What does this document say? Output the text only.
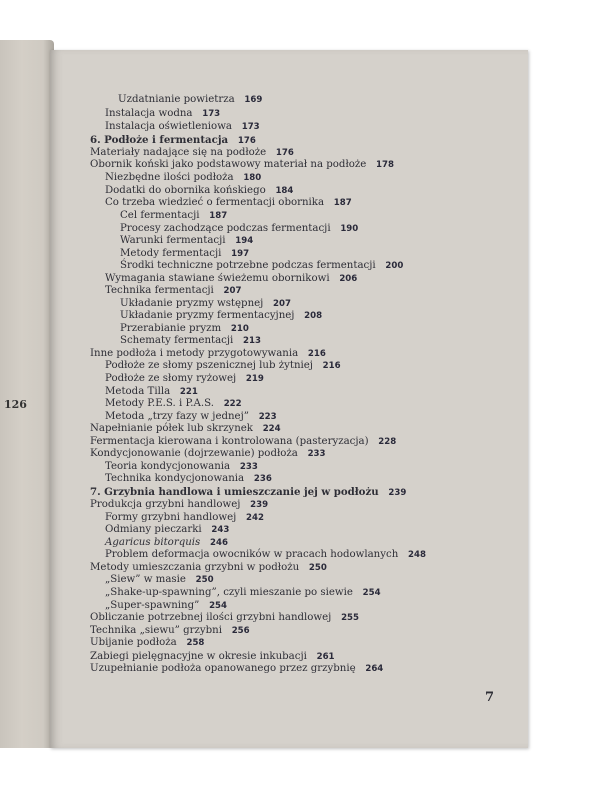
126
Uzdatnianie powietrza 169
Instalacja wodna 173
Instalacja oświetleniowa 173
6. Podłoże i fermentacja 176
Materiały nadające się na podłoże 176
Obornik koński jako podstawowy materiał na podłoże 178
Niezbędne ilości podłoża 180
Dodatki do obornika końskiego 184
Co trzeba wiedzieć o fermentacji obornika 187
Cel fermentacji 187
Procesy zachodzące podczas fermentacji 190
Warunki fermentacji 194
Metody fermentacji 197
Środki techniczne potrzebne podczas fermentacji 200
Wymagania stawiane świeżemu obornikowi 206
Technika fermentacji 207
Układanie pryzmy wstępnej 207
Układanie pryzmy fermentacyjnej 208
Przerabianie pryzm 210
Schematy fermentacji 213
Inne podłoża i metody przygotowywania 216
Podłoże ze słomy pszenicznej lub żytniej 216
Podłoże ze słomy ryżowej 219
Metoda Tilla 221
Metody P.E.S. i P.A.S. 222
Metoda „trzy fazy w jednej” 223
Napełnianie półek lub skrzynek 224
Fermentacja kierowana i kontrolowana (pasteryzacja) 228
Kondycjonowanie (dojrzewanie) podłoża 233
Teoria kondycjonowania 233
Technika kondycjonowania 236
7. Grzybnia handlowa i umieszczanie jej w podłożu 239
Produkcja grzybni handlowej 239
Formy grzybni handlowej 242
Odmiany pieczarki 243
Agaricus bitorquis 246
Problem deformacja owocników w pracach hodowlanych 248
Metody umieszczania grzybni w podłożu 250
„Siew” w masie 250
„Shake-up-spawning”, czyli mieszanie po siewie 254
„Super-spawning” 254
Obliczanie potrzebnej ilości grzybni handlowej 255
Technika „siewu” grzybni 256
Ubijanie podłoża 258
Zabiegi pielęgnacyjne w okresie inkubacji 261
Uzupełnianie podłoża opanowanego przez grzybnię 264
7
